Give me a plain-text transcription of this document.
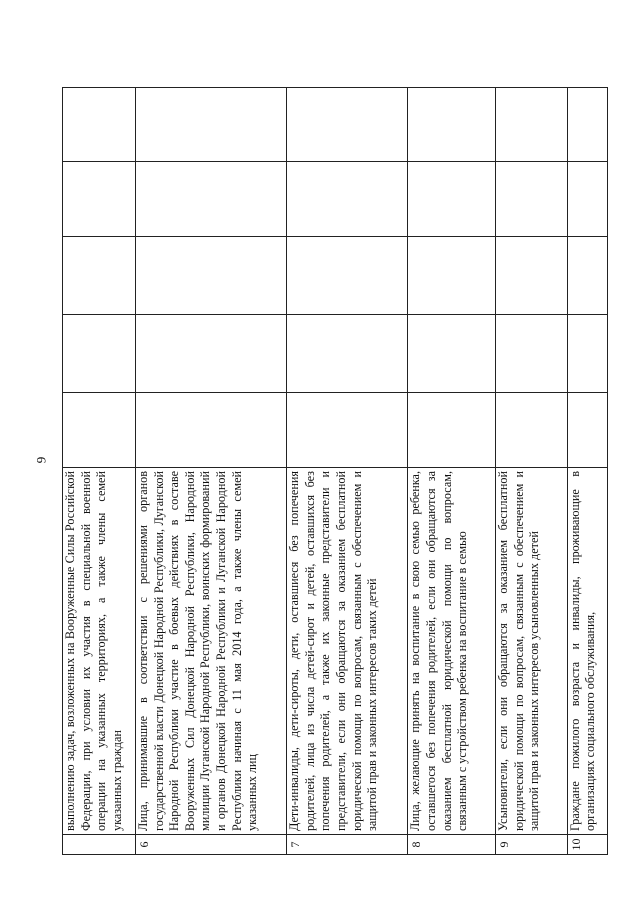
9
	выполнению задач, возложенных на Вооруженные Силы Российской Федерации, при условии их участия в специальной военной операции на указанных территориях, а также члены семей указанных граждан					
6	Лица, принимавшие в соответствии с решениями органов государственной власти Донецкой Народной Республики, Луганской Народной Республики участие в боевых действиях в составе Вооруженных Сил Донецкой Народной Республики, Народной милиции Луганской Народной Республики, воинских формирований и органов Донецкой Народной Республики и Луганской Народной Республики начиная с 11 мая 2014 года, а также члены семей указанных лиц					
7	Дети-инвалиды, дети-сироты, дети, оставшиеся без попечения родителей, лица из числа детей-сирот и детей, оставшихся без попечения родителей, а также их законные представители и представители, если они обращаются за оказанием бесплатной юридической помощи по вопросам, связанным с обеспечением и защитой прав и законных интересов таких детей					
8	Лица, желающие принять на воспитание в свою семью ребенка, оставшегося без попечения родителей, если они обращаются за оказанием бесплатной юридической помощи по вопросам, связанным с устройством ребенка на воспитание в семью					
9	Усыновители, если они обращаются за оказанием бесплатной юридической помощи по вопросам, связанным с обеспечением и защитой прав и законных интересов усыновленных детей					
10	Граждане пожилого возраста и инвалиды, проживающие в организациях социального обслуживания,					
